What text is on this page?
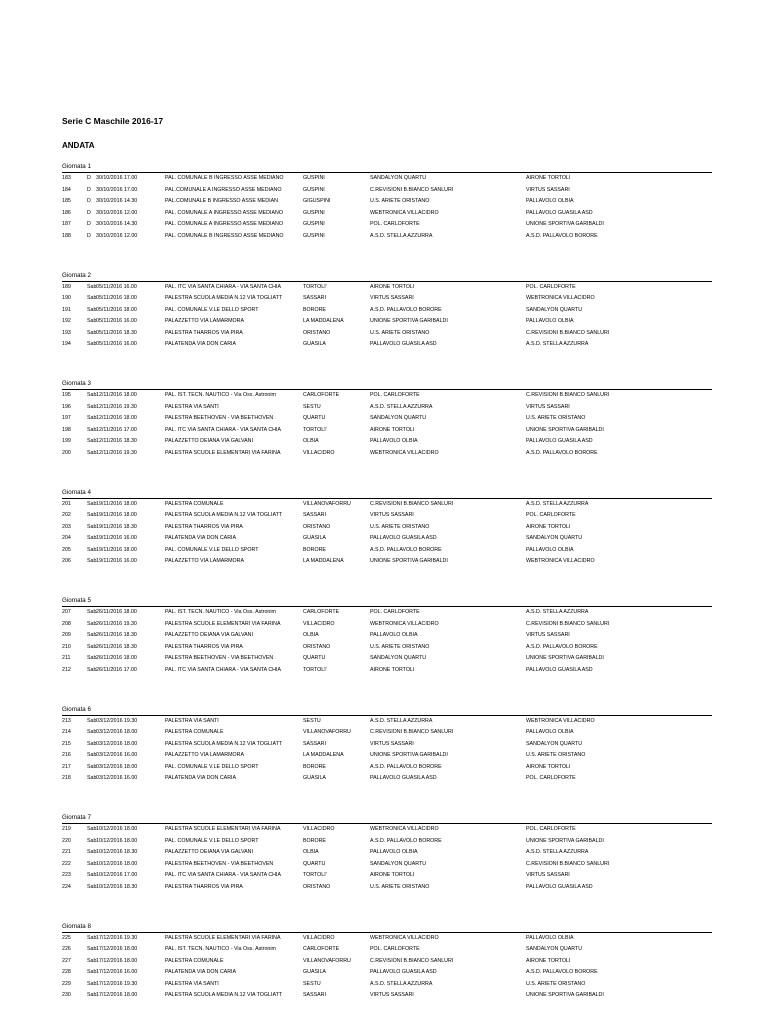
Serie C Maschile 2016-17
ANDATA
Giornata 1
183	D 30/10/2016 17.00	PAL. COMUNALE B INGRESSO ASSE MEDIANO	GUSPINI	SANDALYON QUARTU	AIRONE TORTOLI
184	D 30/10/2016 17.00	PAL.COMUNALE A INGRESSO ASSE MEDIANO	GUSPINI	C.REVISIONI B.BIANCO SANLURI	VIRTUS SASSARI
185	D 30/10/2016 14.30	PAL.COMUNALE B INGRESSO ASSE MEDIAN	GIGUSPINI	U.S. ARIETE ORISTANO	PALLAVOLO OLBIA
186	D 30/10/2016 12.00	PAL. COMUNALE A INGRESSO ASSE MEDIANO	GUSPINI	WEBTRONICA VILLACIDRO	PALLAVOLO GUASILA ASD
187	D 30/10/2016 14.30	PAL. COMUNALE A INGRESSO ASSE MEDIANO	GUSPINI	POL. CARLOFORTE	UNIONE SPORTIVA GARIBALDI
188	D 30/10/2016 12.00	PAL. COMUNALE B INGRESSO ASSE MEDIANO	GUSPINI	A.S.D. STELLA AZZURRA	A.S.D. PALLAVOLO BORORE
Giornata 2
189	Sab 05/11/2016 16.00	PAL. ITC VIA SANTA CHIARA - VIA SANTA CHIA	TORTOLI'	AIRONE TORTOLI	POL. CARLOFORTE
190	Sab 05/11/2016 18.00	PALESTRA SCUOLA MEDIA N.12 VIA TOGLIATT	SASSARI	VIRTUS SASSARI	WEBTRONICA VILLACIDRO
191	Sab 05/11/2016 18.00	PAL. COMUNALE V.LE DELLO SPORT	BORORE	A.S.D. PALLAVOLO BORORE	SANDALYON QUARTU
192	Sab 05/11/2016 16.00	PALAZZETTO VIA LAMARMORA	LA MADDALENA	UNIONE SPORTIVA GARIBALDI	PALLAVOLO OLBIA
193	Sab 05/11/2016 18.30	PALESTRA THARROS VIA PIRA	ORISTANO	U.S. ARIETE ORISTANO	C.REVISIONI B.BIANCO SANLURI
194	Sab 05/11/2016 16.00	PALATENDA VIA DON CARIA	GUASILA	PALLAVOLO GUASILA ASD	A.S.D. STELLA AZZURRA
Giornata 3
195	Sab 12/11/2016 18.00	PAL. IST. TECN. NAUTICO - Via Oss. Astronim	CARLOFORTE	POL. CARLOFORTE	C.REVISIONI B.BIANCO SANLURI
196	Sab 12/11/2016 19.30	PALESTRA VIA SANTI	SESTU	A.S.D. STELLA AZZURRA	VIRTUS SASSARI
197	Sab 12/11/2016 18.00	PALESTRA BEETHOVEN - VIA BEETHOVEN	QUARTU	SANDALYON QUARTU	U.S. ARIETE ORISTANO
198	Sab 12/11/2016 17.00	PAL. ITC VIA SANTA CHIARA - VIA SANTA CHIA	TORTOLI'	AIRONE TORTOLI	UNIONE SPORTIVA GARIBALDI
199	Sab 12/11/2016 18.30	PALAZZETTO DEIANA VIA GALVANI	OLBIA	PALLAVOLO OLBIA	PALLAVOLO GUASILA ASD
200	Sab 12/11/2016 19.30	PALESTRA SCUOLE ELEMENTARI VIA FARINA	VILLACIDRO	WEBTRONICA VILLACIDRO	A.S.D. PALLAVOLO BORORE
Giornata 4
201	Sab 19/11/2016 18.00	PALESTRA COMUNALE	VILLANOVAFORRU	C.REVISIONI B.BIANCO SANLURI	A.S.D. STELLA AZZURRA
202	Sab 19/11/2016 18.00	PALESTRA SCUOLA MEDIA N.12 VIA TOGLIATT	SASSARI	VIRTUS SASSARI	POL. CARLOFORTE
203	Sab 19/11/2016 18.30	PALESTRA THARROS VIA PIRA	ORISTANO	U.S. ARIETE ORISTANO	AIRONE TORTOLI
204	Sab 19/11/2016 16.00	PALATENDA VIA DON CARIA	GUASILA	PALLAVOLO GUASILA ASD	SANDALYON QUARTU
205	Sab 19/11/2016 18.00	PAL. COMUNALE V.LE DELLO SPORT	BORORE	A.S.D. PALLAVOLO BORORE	PALLAVOLO OLBIA
206	Sab 19/11/2016 16.00	PALAZZETTO VIA LAMARMORA	LA MADDALENA	UNIONE SPORTIVA GARIBALDI	WEBTRONICA VILLACIDRO
Giornata 5
207	Sab 26/11/2016 18.00	PAL. IST. TECN. NAUTICO - Via Oss. Astronim	CARLOFORTE	POL. CARLOFORTE	A.S.D. STELLA AZZURRA
208	Sab 26/11/2016 19.30	PALESTRA SCUOLE ELEMENTARI VIA FARINA	VILLACIDRO	WEBTRONICA VILLACIDRO	C.REVISIONI B.BIANCO SANLURI
209	Sab 26/11/2016 18.30	PALAZZETTO DEIANA VIA GALVANI	OLBIA	PALLAVOLO OLBIA	VIRTUS SASSARI
210	Sab 26/11/2016 18.30	PALESTRA THARROS VIA PIRA	ORISTANO	U.S. ARIETE ORISTANO	A.S.D. PALLAVOLO BORORE
211	Sab 26/11/2016 18.00	PALESTRA BEETHOVEN - VIA BEETHOVEN	QUARTU	SANDALYON QUARTU	UNIONE SPORTIVA GARIBALDI
212	Sab 26/11/2016 17.00	PAL. ITC VIA SANTA CHIARA - VIA SANTA CHIA	TORTOLI'	AIRONE TORTOLI	PALLAVOLO GUASILA ASD
Giornata 6
213	Sab 03/12/2016 19.30	PALESTRA VIA SANTI	SESTU	A.S.D. STELLA AZZURRA	WEBTRONICA VILLACIDRO
214	Sab 03/12/2016 18.00	PALESTRA COMUNALE	VILLANOVAFORRU	C.REVISIONI B.BIANCO SANLURI	PALLAVOLO OLBIA
215	Sab 03/12/2016 18.00	PALESTRA SCUOLA MEDIA N.12 VIA TOGLIATT	SASSARI	VIRTUS SASSARI	SANDALYON QUARTU
216	Sab 03/12/2016 16.00	PALAZZETTO VIA LAMARMORA	LA MADDALENA	UNIONE SPORTIVA GARIBALDI	U.S. ARIETE ORISTANO
217	Sab 03/12/2016 18.00	PAL. COMUNALE V.LE DELLO SPORT	BORORE	A.S.D. PALLAVOLO BORORE	AIRONE TORTOLI
218	Sab 03/12/2016 16.00	PALATENDA VIA DON CARIA	GUASILA	PALLAVOLO GUASILA ASD	POL. CARLOFORTE
Giornata 7
219	Sab 10/12/2016 18.00	PALESTRA SCUOLE ELEMENTARI VIA FARINA	VILLACIDRO	WEBTRONICA VILLACIDRO	POL. CARLOFORTE
220	Sab 10/12/2016 18.00	PAL. COMUNALE V.LE DELLO SPORT	BORORE	A.S.D. PALLAVOLO BORORE	UNIONE SPORTIVA GARIBALDI
221	Sab 10/12/2016 18.30	PALAZZETTO DEIANA VIA GALVANI	OLBIA	PALLAVOLO OLBIA	A.S.D. STELLA AZZURRA
222	Sab 10/12/2016 18.00	PALESTRA BEETHOVEN - VIA BEETHOVEN	QUARTU	SANDALYON QUARTU	C.REVISIONI B.BIANCO SANLURI
223	Sab 10/12/2016 17.00	PAL. ITC VIA SANTA CHIARA - VIA SANTA CHIA	TORTOLI'	AIRONE TORTOLI	VIRTUS SASSARI
224	Sab 10/12/2016 18.30	PALESTRA THARROS VIA PIRA	ORISTANO	U.S. ARIETE ORISTANO	PALLAVOLO GUASILA ASD
Giornata 8
225	Sab 17/12/2016 19.30	PALESTRA SCUOLE ELEMENTARI VIA FARINA	VILLACIDRO	WEBTRONICA VILLACIDRO	PALLAVOLO OLBIA
226	Sab 17/12/2016 18.00	PAL. IST. TECN. NAUTICO - Via Oss. Astronim	CARLOFORTE	POL. CARLOFORTE	SANDALYON QUARTU
227	Sab 17/12/2016 18.00	PALESTRA COMUNALE	VILLANOVAFORRU	C.REVISIONI B.BIANCO SANLURI	AIRONE TORTOLI
228	Sab 17/12/2016 16.00	PALATENDA VIA DON CARIA	GUASILA	PALLAVOLO GUASILA ASD	A.S.D. PALLAVOLO BORORE
229	Sab 17/12/2016 19.30	PALESTRA VIA SANTI	SESTU	A.S.D. STELLA AZZURRA	U.S. ARIETE ORISTANO
230	Sab 17/12/2016 18.00	PALESTRA SCUOLA MEDIA N.12 VIA TOGLIATT	SASSARI	VIRTUS SASSARI	UNIONE SPORTIVA GARIBALDI
